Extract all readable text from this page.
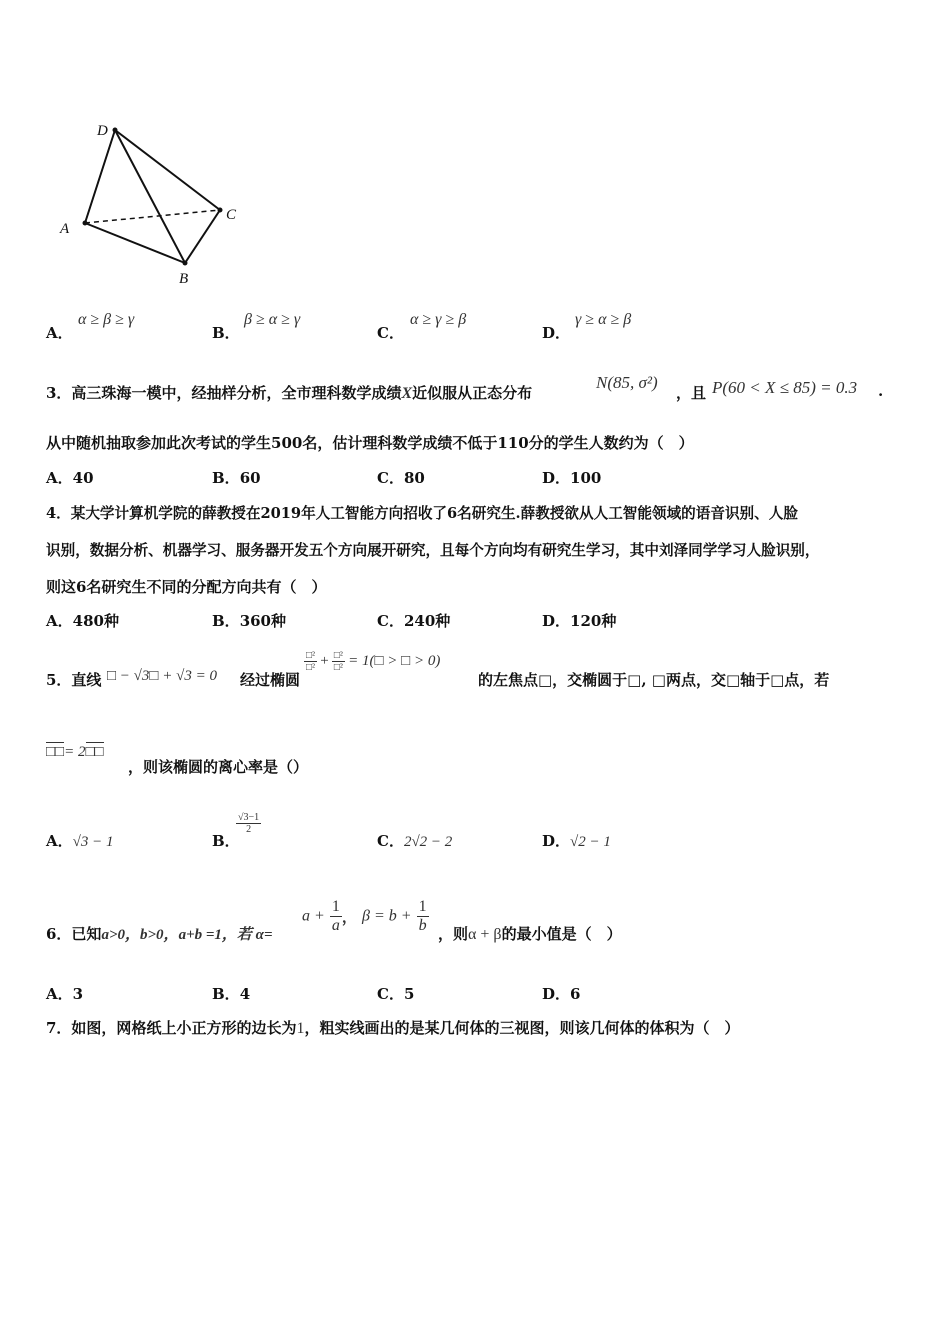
D
A
B
C
A．
α ≥ β ≥ γ
B．
β ≥ α ≥ γ
C．
α ≥ γ ≥ β
D．
γ ≥ α ≥ β
3．高三珠海一模中，经抽样分析，全市理科数学成绩X近似服从正态分布
N(85, σ²)
，且 P(60 < X ≤ 85) = 0.3 .
从中随机抽取参加此次考试的学生500名，估计理科数学成绩不低于110分的学生人数约为（　）
A．40	B．60	C．80	D．100
4．某大学计算机学院的薛教授在2019年人工智能方向招收了6名研究生.薛教授欲从人工智能领域的语音识别、人脸
识别，数据分析、机器学习、服务器开发五个方向展开研究，且每个方向均有研究生学习，其中刘泽同学学习人脸识别，
则这6名研究生不同的分配方向共有（　）
A．480种	B．360种	C．240种	D．120种
5．直线 □ − √3□ + √3 = 0 经过椭圆
$\frac{\text{□²}}{\text{□²}} + \frac{\text{□²}}{\text{□²}}$ = 1(□ > □ > 0)
的左焦点□，交椭圆于□, □两点，交□轴于□点，若
□□= 2□□
，则该椭圆的离心率是（）
A．√3 − 1	B．
$\frac{√3-1}{2}$
C．2√2 − 2	D．√2 − 1
6．已知a>0，b>0，a+b =1，若 α=
$a + \frac{1}{a}$ ， $\beta = b + \frac{1}{b}$ ，则α + β的最小值是（　）
A．3	B．4	C．5	D．6
7．如图，网格纸上小正方形的边长为1，粗实线画出的是某几何体的三视图，则该几何体的体积为（　）
